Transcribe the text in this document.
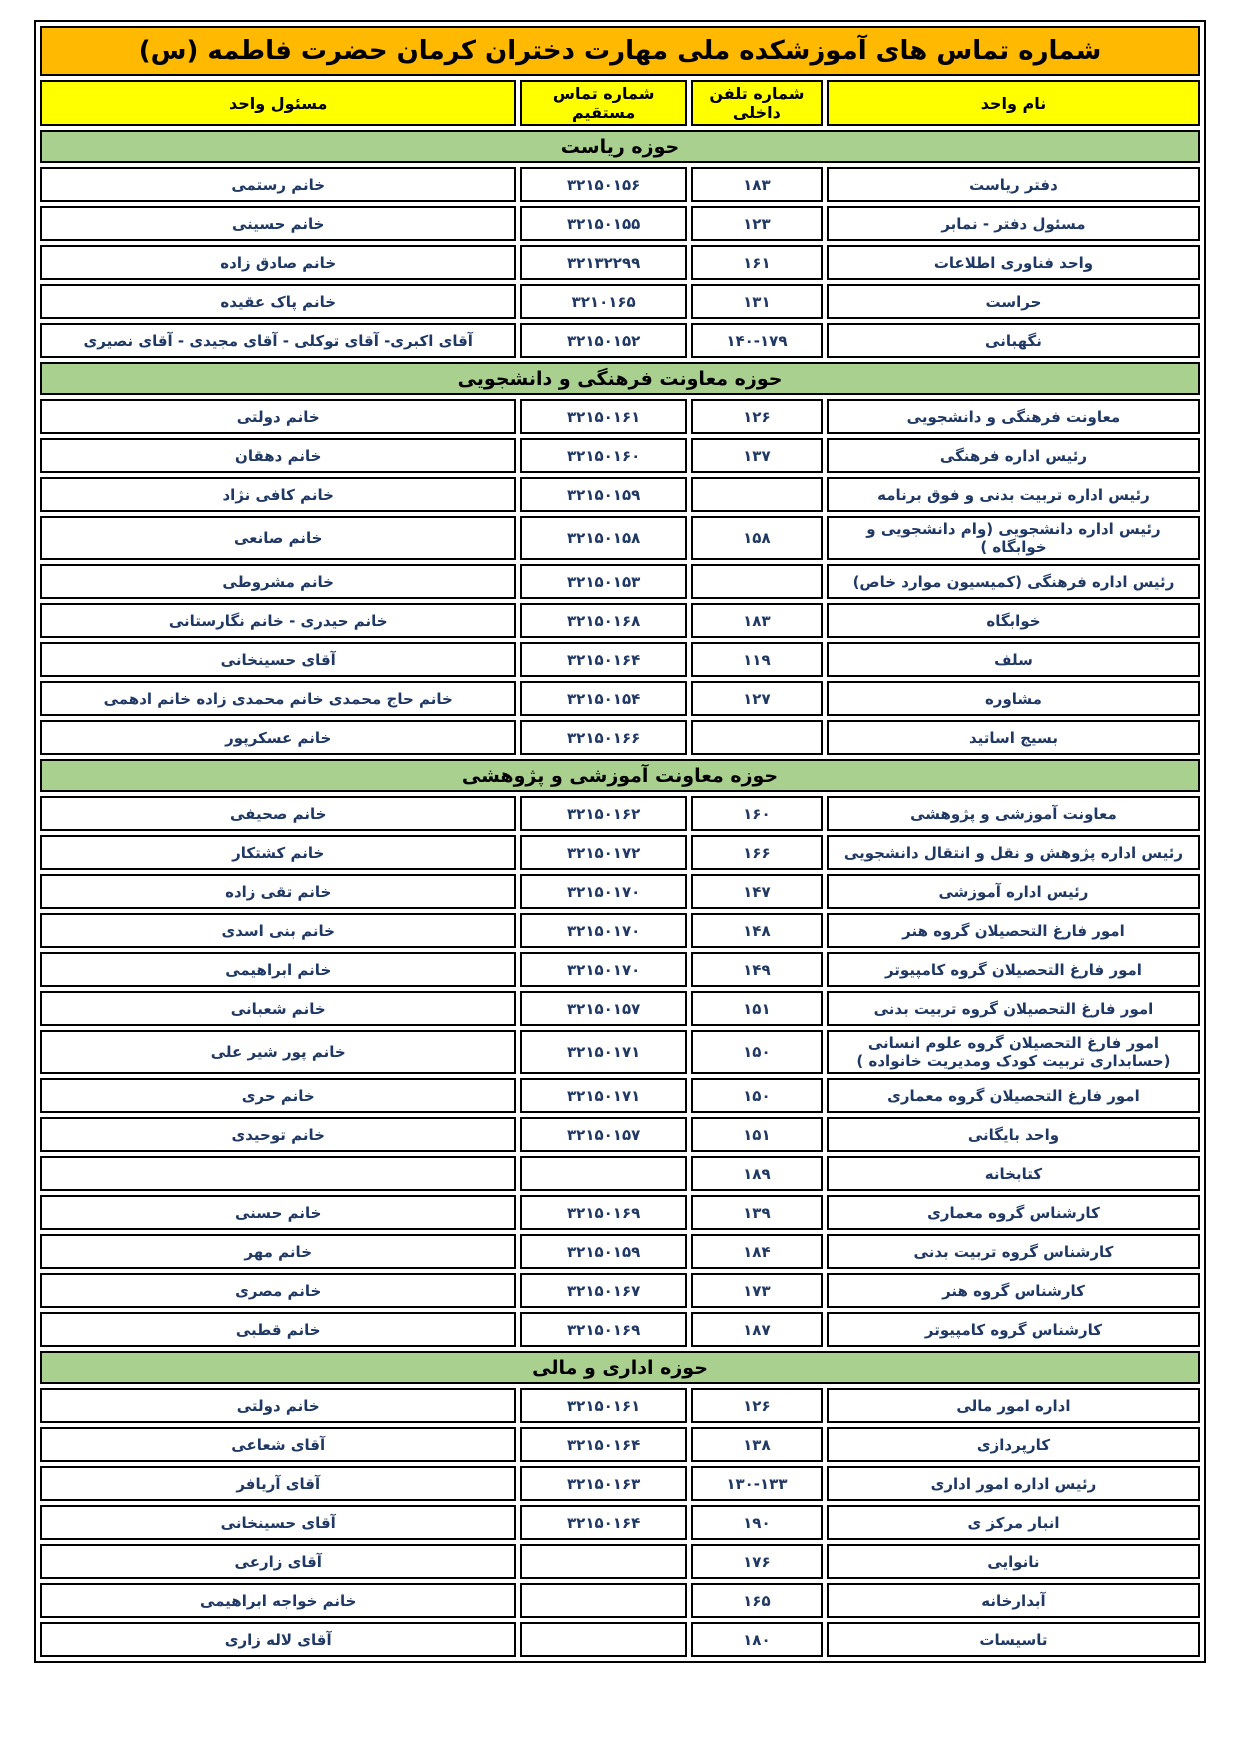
شماره تماس های آموزشکده ملی مهارت دختران کرمان حضرت فاطمه (س)			
نام واحد	شماره تلفن داخلی	شماره تماس مستقیم	مسئول واحد
حوزه ریاست			
دفتر ریاست	۱۸۳	۳۲۱۵۰۱۵۶	خانم رستمی
مسئول دفتر - نمابر	۱۲۳	۳۲۱۵۰۱۵۵	خانم حسینی
واحد فناوری اطلاعات	۱۶۱	۳۲۱۳۲۲۹۹	خانم صادق زاده
حراست	۱۳۱	۳۲۱۰۱۶۵	خانم پاک عقیده
نگهبانی	۱۴۰-۱۷۹	۳۲۱۵۰۱۵۲	آقای اکبری- آقای توکلی - آقای مجیدی - آقای نصیری
حوزه معاونت فرهنگی و دانشجویی			
معاونت فرهنگی و دانشجویی	۱۲۶	۳۲۱۵۰۱۶۱	خانم دولتی
رئیس اداره فرهنگی	۱۳۷	۳۲۱۵۰۱۶۰	خانم دهقان
رئیس اداره تربیت بدنی و فوق برنامه		۳۲۱۵۰۱۵۹	خانم کافی نژاد
رئیس اداره دانشجویی (وام دانشجویی و خوابگاه )	۱۵۸	۳۲۱۵۰۱۵۸	خانم صانعی
رئیس اداره فرهنگی (کمیسیون موارد خاص)		۳۲۱۵۰۱۵۳	خانم مشروطی
خوابگاه	۱۸۳	۳۲۱۵۰۱۶۸	خانم حیدری - خانم نگارستانی
سلف	۱۱۹	۳۲۱۵۰۱۶۴	آقای حسینخانی
مشاوره	۱۲۷	۳۲۱۵۰۱۵۴	خانم حاج محمدی خانم محمدی زاده خانم ادهمی
بسیج اساتید		۳۲۱۵۰۱۶۶	خانم عسکرپور
حوزه معاونت آموزشی و پژوهشی			
معاونت آموزشی و پژوهشی	۱۶۰	۳۲۱۵۰۱۶۲	خانم صحیفی
رئیس اداره پژوهش و نقل و انتقال دانشجویی	۱۶۶	۳۲۱۵۰۱۷۲	خانم کشتکار
رئیس اداره آموزشی	۱۴۷	۳۲۱۵۰۱۷۰	خانم تقی زاده
امور فارغ التحصیلان گروه هنر	۱۴۸	۳۲۱۵۰۱۷۰	خانم بنی اسدی
امور فارغ التحصیلان گروه کامپیوتر	۱۴۹	۳۲۱۵۰۱۷۰	خانم ابراهیمی
امور فارغ التحصیلان گروه تربیت بدنی	۱۵۱	۳۲۱۵۰۱۵۷	خانم شعبانی
امور فارغ التحصیلان گروه علوم انسانی (حسابداری تربیت کودک ومدیریت خانواده )	۱۵۰	۳۲۱۵۰۱۷۱	خانم پور شیر علی
امور فارغ التحصیلان گروه معماری	۱۵۰	۳۲۱۵۰۱۷۱	خانم حری
واحد بایگانی	۱۵۱	۳۲۱۵۰۱۵۷	خانم توحیدی
کتابخانه	۱۸۹		
کارشناس گروه معماری	۱۳۹	۳۲۱۵۰۱۶۹	خانم حسنی
کارشناس گروه تربیت بدنی	۱۸۴	۳۲۱۵۰۱۵۹	خانم مهر
کارشناس گروه هنر	۱۷۳	۳۲۱۵۰۱۶۷	خانم مصری
کارشناس گروه کامپیوتر	۱۸۷	۳۲۱۵۰۱۶۹	خانم قطبی
حوزه اداری و مالی			
اداره امور مالی	۱۲۶	۳۲۱۵۰۱۶۱	خانم دولتی
کارپردازی	۱۳۸	۳۲۱۵۰۱۶۴	آقای شعاعی
رئیس اداره امور اداری	۱۳۰-۱۳۳	۳۲۱۵۰۱۶۳	آقای آریافر
انبار مرکز ی	۱۹۰	۳۲۱۵۰۱۶۴	آقای حسینخانی
نانوایی	۱۷۶		آقای زارعی
آبدارخانه	۱۶۵		خانم خواجه ابراهیمی
تاسیسات	۱۸۰		آقای لاله زاری
